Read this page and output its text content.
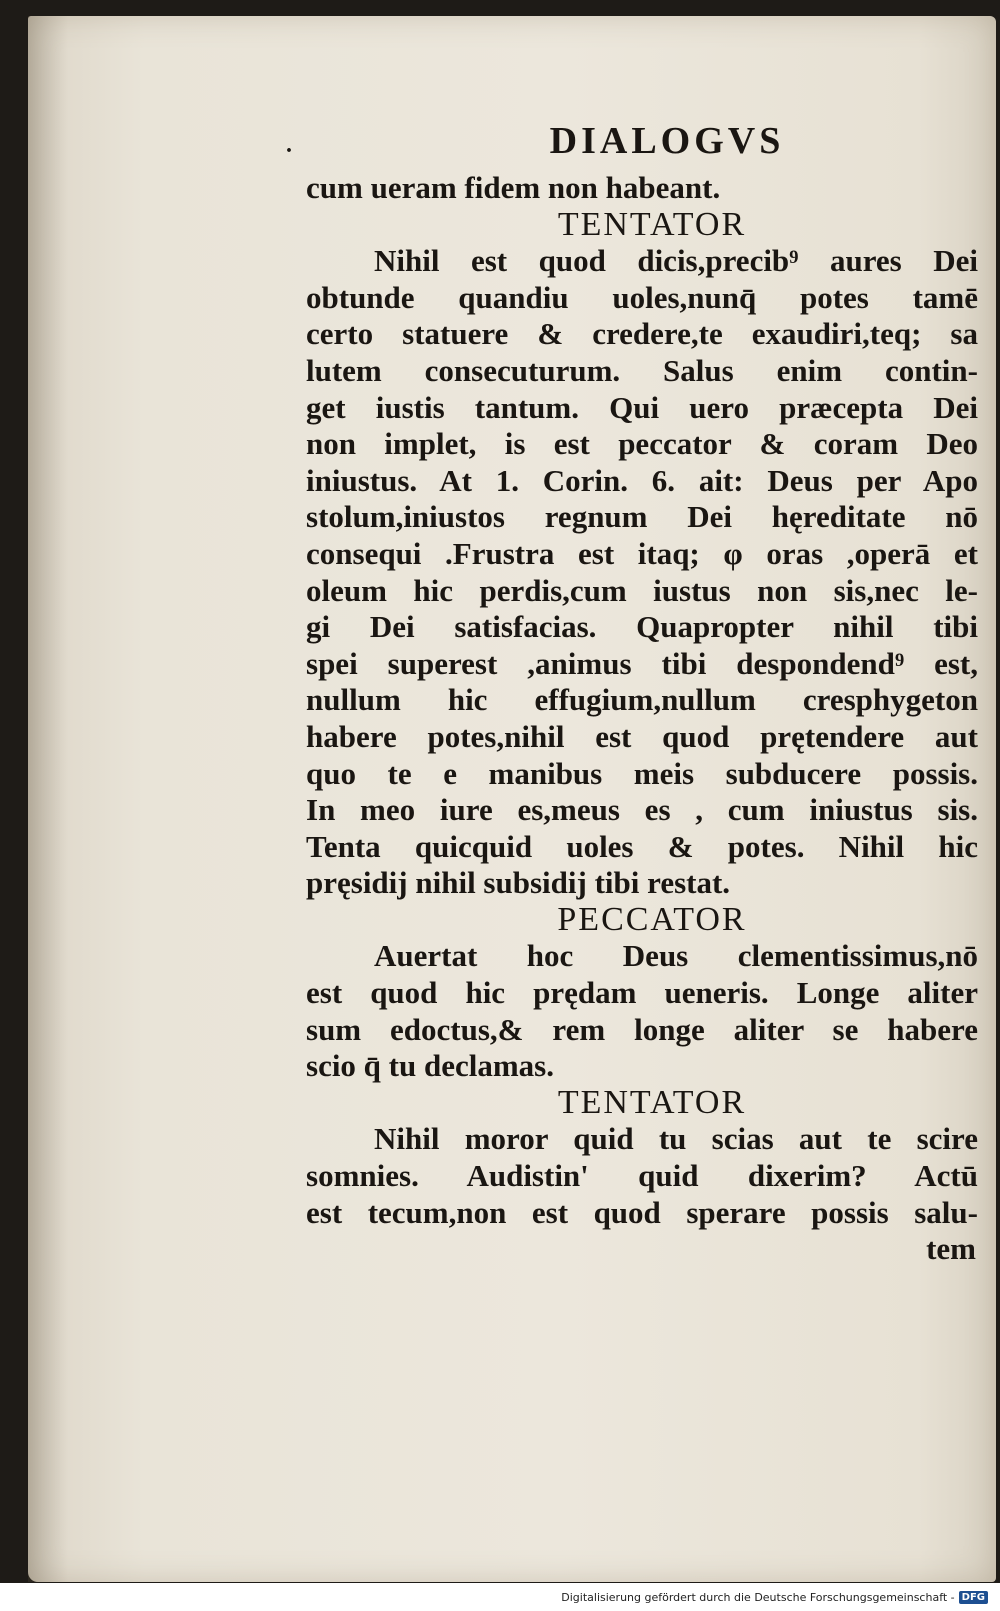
DIALOGVS
cum ueram fidem non habeant.
TENTATOR
Nihil est quod dicis,precib⁹ aures Dei
obtunde quandiu uoles,nunq̄ potes tamē
certo statuere & credere,te exaudiri,teq; sa
lutem consecuturum. Salus enim contin-
get iustis tantum. Qui uero præcepta Dei
non implet, is est peccator & coram Deo
iniustus. At 1. Corin. 6. ait: Deus per Apo
stolum,iniustos regnum Dei hęreditate nō
consequi .Frustra est itaq; φ oras ,operā et
oleum hic perdis,cum iustus non sis,nec le-
gi Dei satisfacias. Quapropter nihil tibi
spei superest ,animus tibi despondend⁹ est,
nullum hic effugium,nullum cresphygeton
habere potes,nihil est quod prętendere aut
quo te e manibus meis subducere possis.
In meo iure es,meus es , cum iniustus sis.
Tenta quicquid uoles & potes. Nihil hic
pręsidij nihil subsidij tibi restat.
PECCATOR
Auertat hoc Deus clementissimus,nō
est quod hic prędam ueneris. Longe aliter
sum edoctus,& rem longe aliter se habere
scio q̄ tu declamas.
TENTATOR
Nihil moror quid tu scias aut te scire
somnies. Audistin' quid dixerim? Actū
est tecum,non est quod sperare possis salu-
tem
.
Digitalisierung gefördert durch die Deutsche Forschungsgemeinschaft - DFG
